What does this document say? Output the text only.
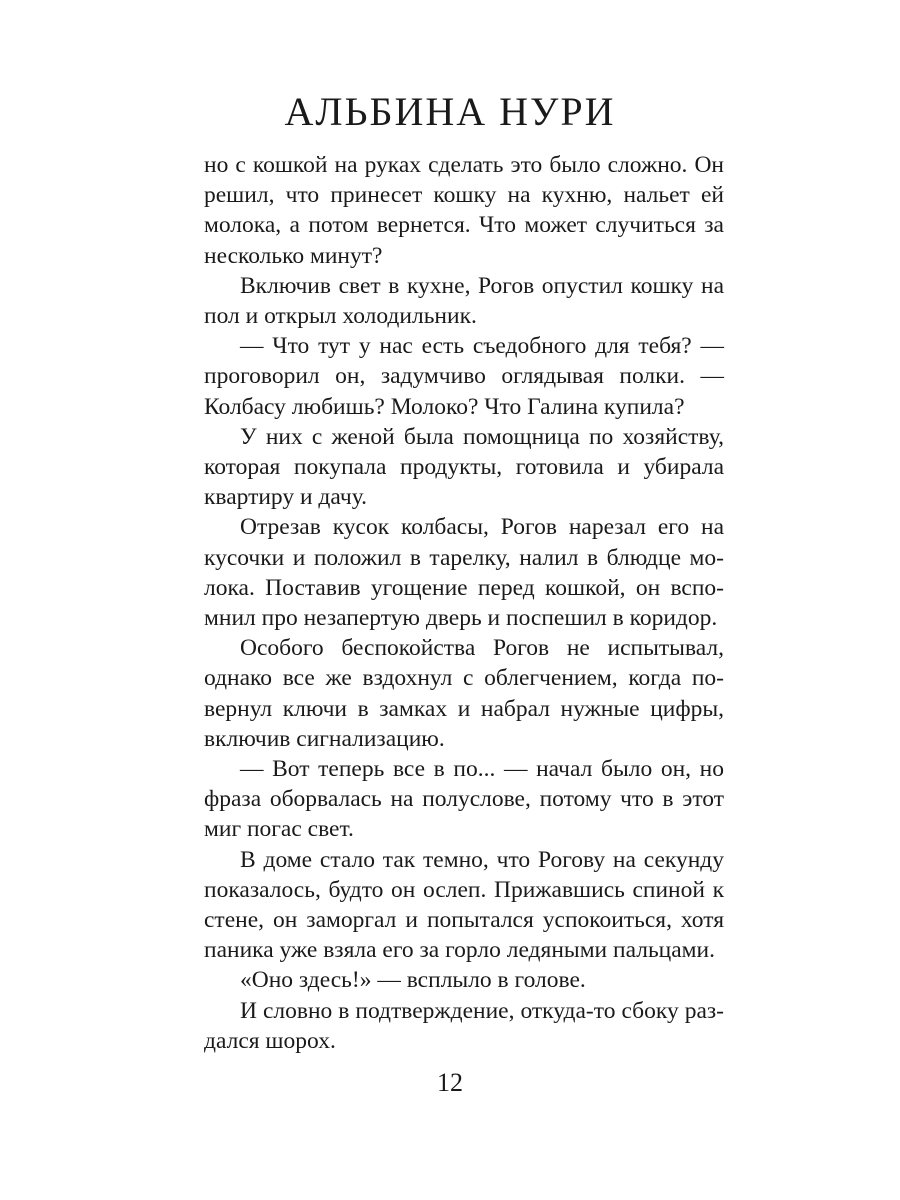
АЛЬБИНА НУРИ

но с кошкой на руках сделать это было сложно. Он решил, что принесет кошку на кухню, нальет ей молока, а потом вернется. Что может случиться за несколько минут?

Включив свет в кухне, Рогов опустил кошку на пол и открыл холодильник.

— Что тут у нас есть съедобного для тебя? — проговорил он, задумчиво оглядывая полки. — Колбасу любишь? Молоко? Что Галина купила?

У них с женой была помощница по хозяйству, которая покупала продукты, готовила и убирала квартиру и дачу.

Отрезав кусок колбасы, Рогов нарезал его на кусочки и положил в тарелку, налил в блюдце молока. Поставив угощение перед кошкой, он вспомнил про незапертую дверь и поспешил в коридор.

Особого беспокойства Рогов не испытывал, однако все же вздохнул с облегчением, когда повернул ключи в замках и набрал нужные цифры, включив сигнализацию.

— Вот теперь все в по... — начал было он, но фраза оборвалась на полуслове, потому что в этот миг погас свет.

В доме стало так темно, что Рогову на секунду показалось, будто он ослеп. Прижавшись спиной к стене, он заморгал и попытался успокоиться, хотя паника уже взяла его за горло ледяными пальцами.

«Оно здесь!» — всплыло в голове.

И словно в подтверждение, откуда-то сбоку раздался шорох.

12
